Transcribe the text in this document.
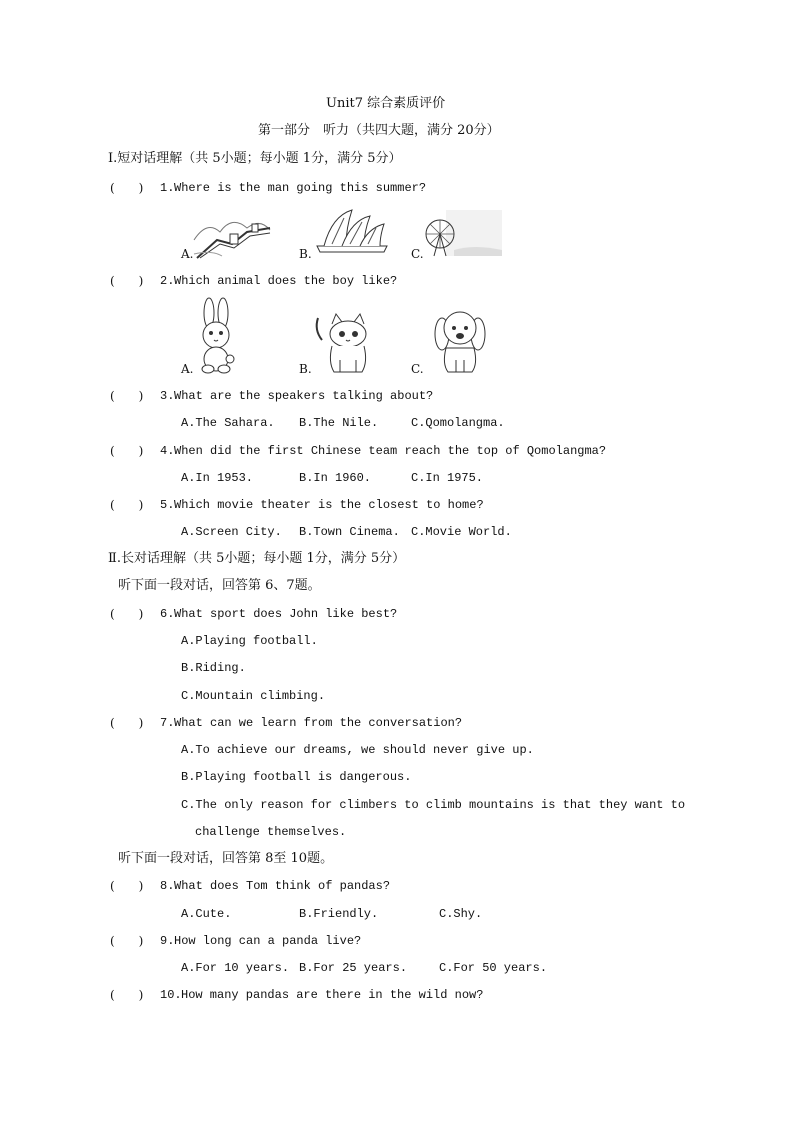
Unit7 综合素质评价
第一部分　听力（共四大题，满分 20分）
Ⅰ.短对话理解（共 5小题；每小题 1分，满分 5分）
(　　) 1. Where is the man going this summer?
A.	B.	C.
(　　) 2. Which animal does the boy like?
A.	B.	C.
(　　) 3. What are the speakers talking about?
A.The Sahara. B.The Nile.	C.Qomolangma.
(　　) 4. When did the first Chinese team reach the top of Qomolangma?
A.In 1953.	B.In 1960.	C.In 1975.
(　　) 5. Which movie theater is the closest to home?
A.Screen City. B.Town Cinema. C.Movie World.
Ⅱ.长对话理解（共 5小题；每小题 1分，满分 5分）
听下面一段对话，回答第 6、7题。
(　　) 6. What sport does John like best?
A.Playing football.
B.Riding.
C.Mountain climbing.
(　　) 7. What can we learn from the conversation?
A.To achieve our dreams, we should never give up.
B.Playing football is dangerous.
C.The only reason for climbers to climb mountains is that they want to
challenge themselves.
听下面一段对话，回答第 8至 10题。
(　　) 8. What does Tom think of pandas?
A.Cute.	B.Friendly.	C.Shy.
(　　) 9. How long can a panda live?
A.For 10 years. B.For 25 years.	C.For 50 years.
(　　) 10. How many pandas are there in the wild now?
